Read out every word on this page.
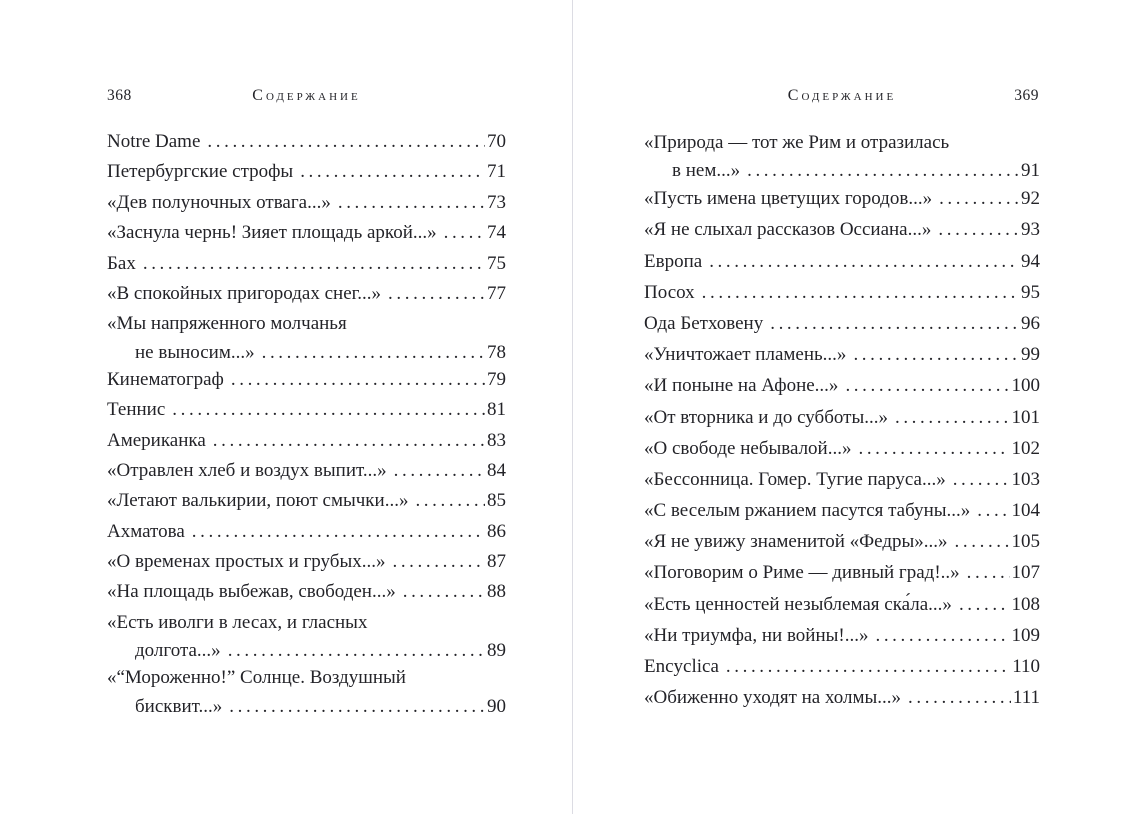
368	Содержание
Notre Dame .....	70
Петербургские строфы .....	71
«Дев полуночных отвага...» .....	73
«Заснула чернь! Зияет площадь аркой...» .....	74
Бах .....	75
«В спокойных пригородах снег...» .....	77
«Мы напряженного молчанья
не выносим...» .....	78
Кинематограф .....	79
Теннис .....	81
Американка .....	83
«Отравлен хлеб и воздух выпит...» .....	84
«Летают валькирии, поют смычки...» .....	85
Ахматова .....	86
«О временах простых и грубых...» .....	87
«На площадь выбежав, свободен...» .....	88
«Есть иволги в лесах, и гласных
долгота...» .....	89
«“Мороженно!” Солнце. Воздушный
бисквит...» .....	90
Содержание	369
«Природа — тот же Рим и отразилась
в нем...» .....	91
«Пусть имена цветущих городов...» .....	92
«Я не слыхал рассказов Оссиана...» .....	93
Европа .....	94
Посох .....	95
Ода Бетховену .....	96
«Уничтожает пламень...» .....	99
«И поныне на Афоне...» .....	100
«От вторника и до субботы...» .....	101
«О свободе небывалой...» .....	102
«Бессонница. Гомер. Тугие паруса...» .....	103
«С веселым ржанием пасутся табуны...» ..... 104
«Я не увижу знаменитой «Федры»...» .....	105
«Поговорим о Риме — дивный град!..» .....	107
«Есть ценностей незыблемая ска́ла...» .....	108
«Ни триумфа, ни войны!...» .....	109
Encyclica .....	110
«Обиженно уходят на холмы...» .....	111
